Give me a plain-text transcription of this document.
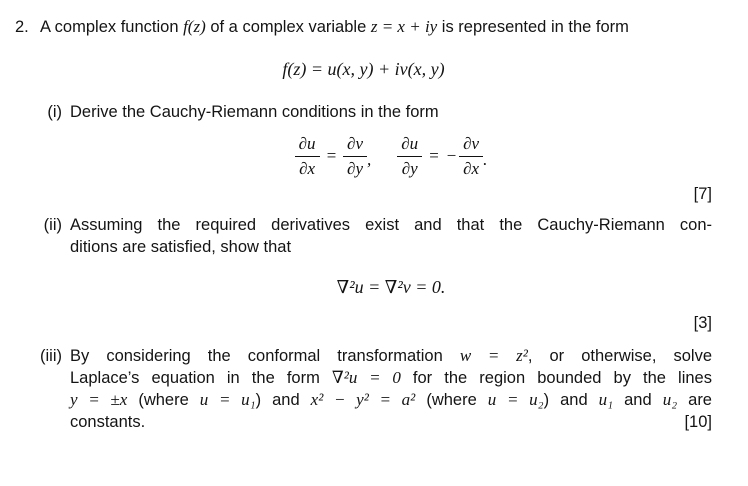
2. A complex function f(z) of a complex variable z = x + iy is represented in the form
f(z) = u(x, y) + iv(x, y)
(i) Derive the Cauchy-Riemann conditions in the form
$\frac{\partial u}{\partial x} = \frac{\partial v}{\partial y}$ , $\frac{\partial u}{\partial y}$ = − $\frac{\partial v}{\partial x}$ .
[7]
(ii) Assuming the required derivatives exist and that the Cauchy-Riemann con-
ditions are satisfied, show that
∇²u = ∇²v = 0.
[3]
(iii) By considering the conformal transformation w = z², or otherwise, solve
Laplace’s equation in the form ∇²u = 0 for the region bounded by the lines
y = ±x (where u = u₁) and x² − y² = a² (where u = u₂) and u₁ and u₂ are
constants.	[10]
